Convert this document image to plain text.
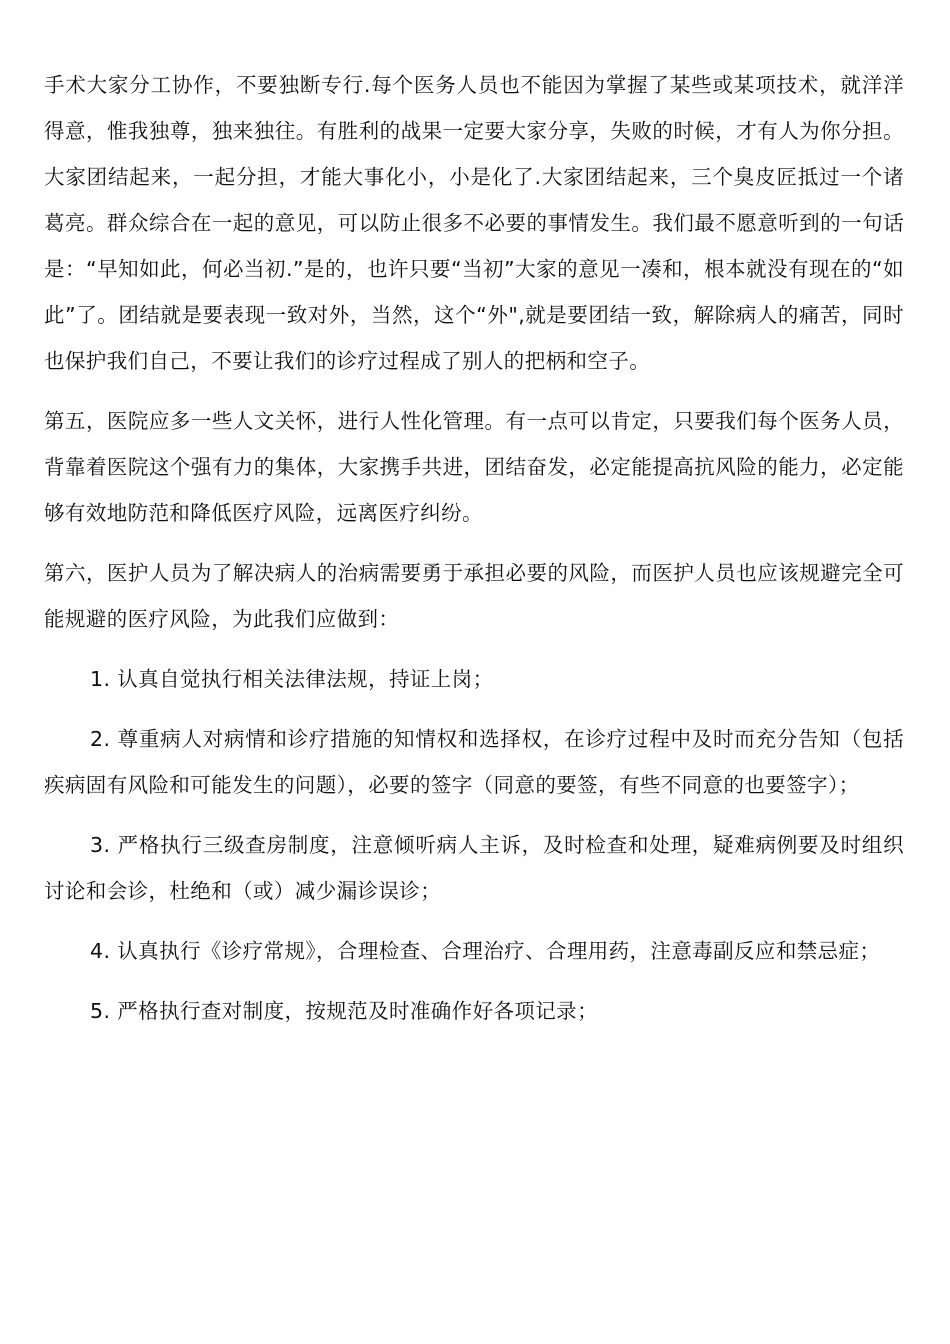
手术大家分工协作，不要独断专行.每个医务人员也不能因为掌握了某些或某项技术，就洋洋得意，惟我独尊，独来独往。有胜利的战果一定要大家分享，失败的时候，才有人为你分担。大家团结起来，一起分担，才能大事化小，小是化了.大家团结起来，三个臭皮匠抵过一个诸葛亮。群众综合在一起的意见，可以防止很多不必要的事情发生。我们最不愿意听到的一句话是：“早知如此，何必当初.”是的，也许只要“当初”大家的意见一凑和，根本就没有现在的“如此”了。团结就是要表现一致对外，当然，这个“外",就是要团结一致，解除病人的痛苦，同时也保护我们自己，不要让我们的诊疗过程成了别人的把柄和空子。

第五，医院应多一些人文关怀，进行人性化管理。有一点可以肯定，只要我们每个医务人员，背靠着医院这个强有力的集体，大家携手共进，团结奋发，必定能提高抗风险的能力，必定能够有效地防范和降低医疗风险，远离医疗纠纷。

第六，医护人员为了解决病人的治病需要勇于承担必要的风险，而医护人员也应该规避完全可能规避的医疗风险，为此我们应做到：

1. 认真自觉执行相关法律法规，持证上岗；

2. 尊重病人对病情和诊疗措施的知情权和选择权，在诊疗过程中及时而充分告知（包括疾病固有风险和可能发生的问题），必要的签字（同意的要签，有些不同意的也要签字）；

3. 严格执行三级查房制度，注意倾听病人主诉，及时检查和处理，疑难病例要及时组织讨论和会诊，杜绝和（或）减少漏诊误诊；

4. 认真执行《诊疗常规》，合理检查、合理治疗、合理用药，注意毒副反应和禁忌症；

5. 严格执行查对制度，按规范及时准确作好各项记录；
